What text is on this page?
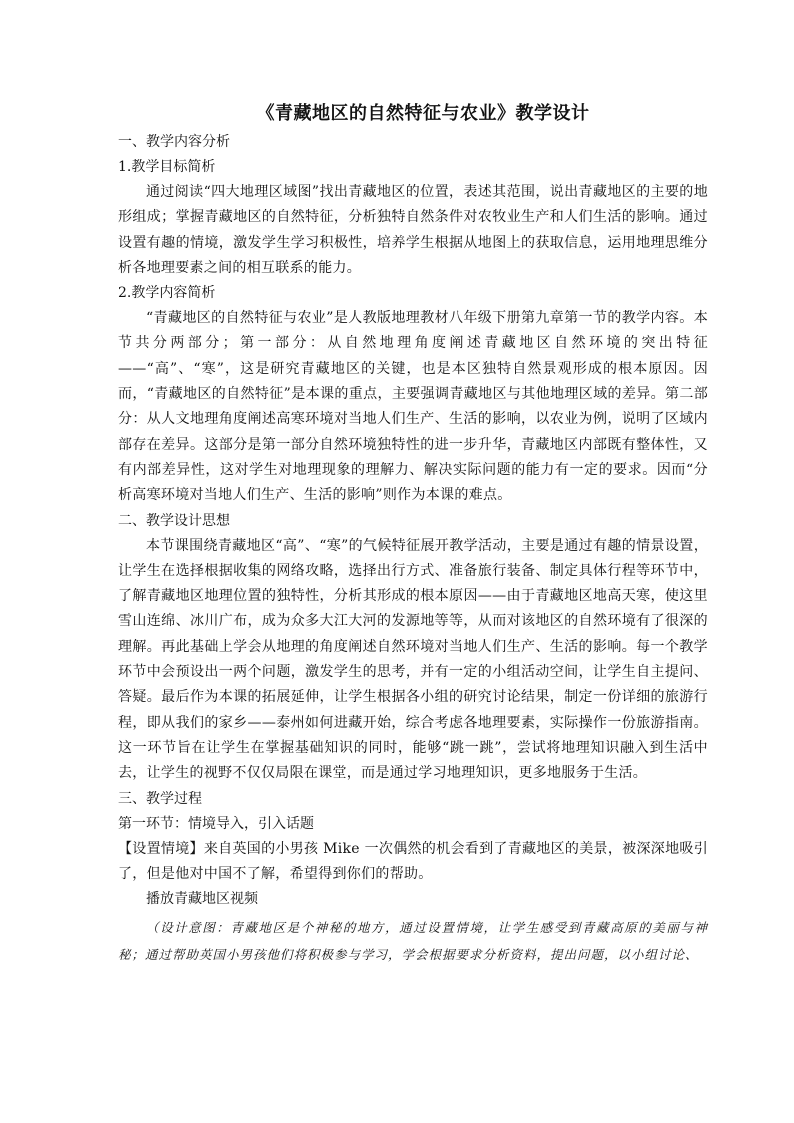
《青藏地区的自然特征与农业》教学设计
一、教学内容分析
1.教学目标简析

通过阅读“四大地理区域图”找出青藏地区的位置，表述其范围，说出青藏地区的主要的地形组成；掌握青藏地区的自然特征，分析独特自然条件对农牧业生产和人们生活的影响。通过设置有趣的情境，激发学生学习积极性，培养学生根据从地图上的获取信息，运用地理思维分析各地理要素之间的相互联系的能力。

2.教学内容简析

“青藏地区的自然特征与农业”是人教版地理教材八年级下册第九章第一节的教学内容。本节共分两部分；第一部分：从自然地理角度阐述青藏地区自然环境的突出特征——“高”、“寒”，这是研究青藏地区的关键，也是本区独特自然景观形成的根本原因。因而，“青藏地区的自然特征”是本课的重点，主要强调青藏地区与其他地理区域的差异。第二部分：从人文地理角度阐述高寒环境对当地人们生产、生活的影响，以农业为例，说明了区域内部存在差异。这部分是第一部分自然环境独特性的进一步升华，青藏地区内部既有整体性，又有内部差异性，这对学生对地理现象的理解力、解决实际问题的能力有一定的要求。因而“分析高寒环境对当地人们生产、生活的影响”则作为本课的难点。

二、教学设计思想

本节课围绕青藏地区“高”、“寒”的气候特征展开教学活动，主要是通过有趣的情景设置，让学生在选择根据收集的网络攻略，选择出行方式、准备旅行装备、制定具体行程等环节中，了解青藏地区地理位置的独特性，分析其形成的根本原因——由于青藏地区地高天寒，使这里雪山连绵、冰川广布，成为众多大江大河的发源地等等，从而对该地区的自然环境有了很深的理解。再此基础上学会从地理的角度阐述自然环境对当地人们生产、生活的影响。每一个教学环节中会预设出一两个问题，激发学生的思考，并有一定的小组活动空间，让学生自主提问、答疑。最后作为本课的拓展延伸，让学生根据各小组的研究讨论结果，制定一份详细的旅游行程，即从我们的家乡——泰州如何进藏开始，综合考虑各地理要素，实际操作一份旅游指南。这一环节旨在让学生在掌握基础知识的同时，能够“跳一跳”，尝试将地理知识融入到生活中去，让学生的视野不仅仅局限在课堂，而是通过学习地理知识，更多地服务于生活。

三、教学过程
第一环节：情境导入，引入话题

【设置情境】来自英国的小男孩 Mike 一次偶然的机会看到了青藏地区的美景，被深深地吸引了，但是他对中国不了解，希望得到你们的帮助。

播放青藏地区视频

（设计意图：青藏地区是个神秘的地方，通过设置情境，让学生感受到青藏高原的美丽与神秘；通过帮助英国小男孩他们将积极参与学习，学会根据要求分析资料，提出问题，以小组讨论、
